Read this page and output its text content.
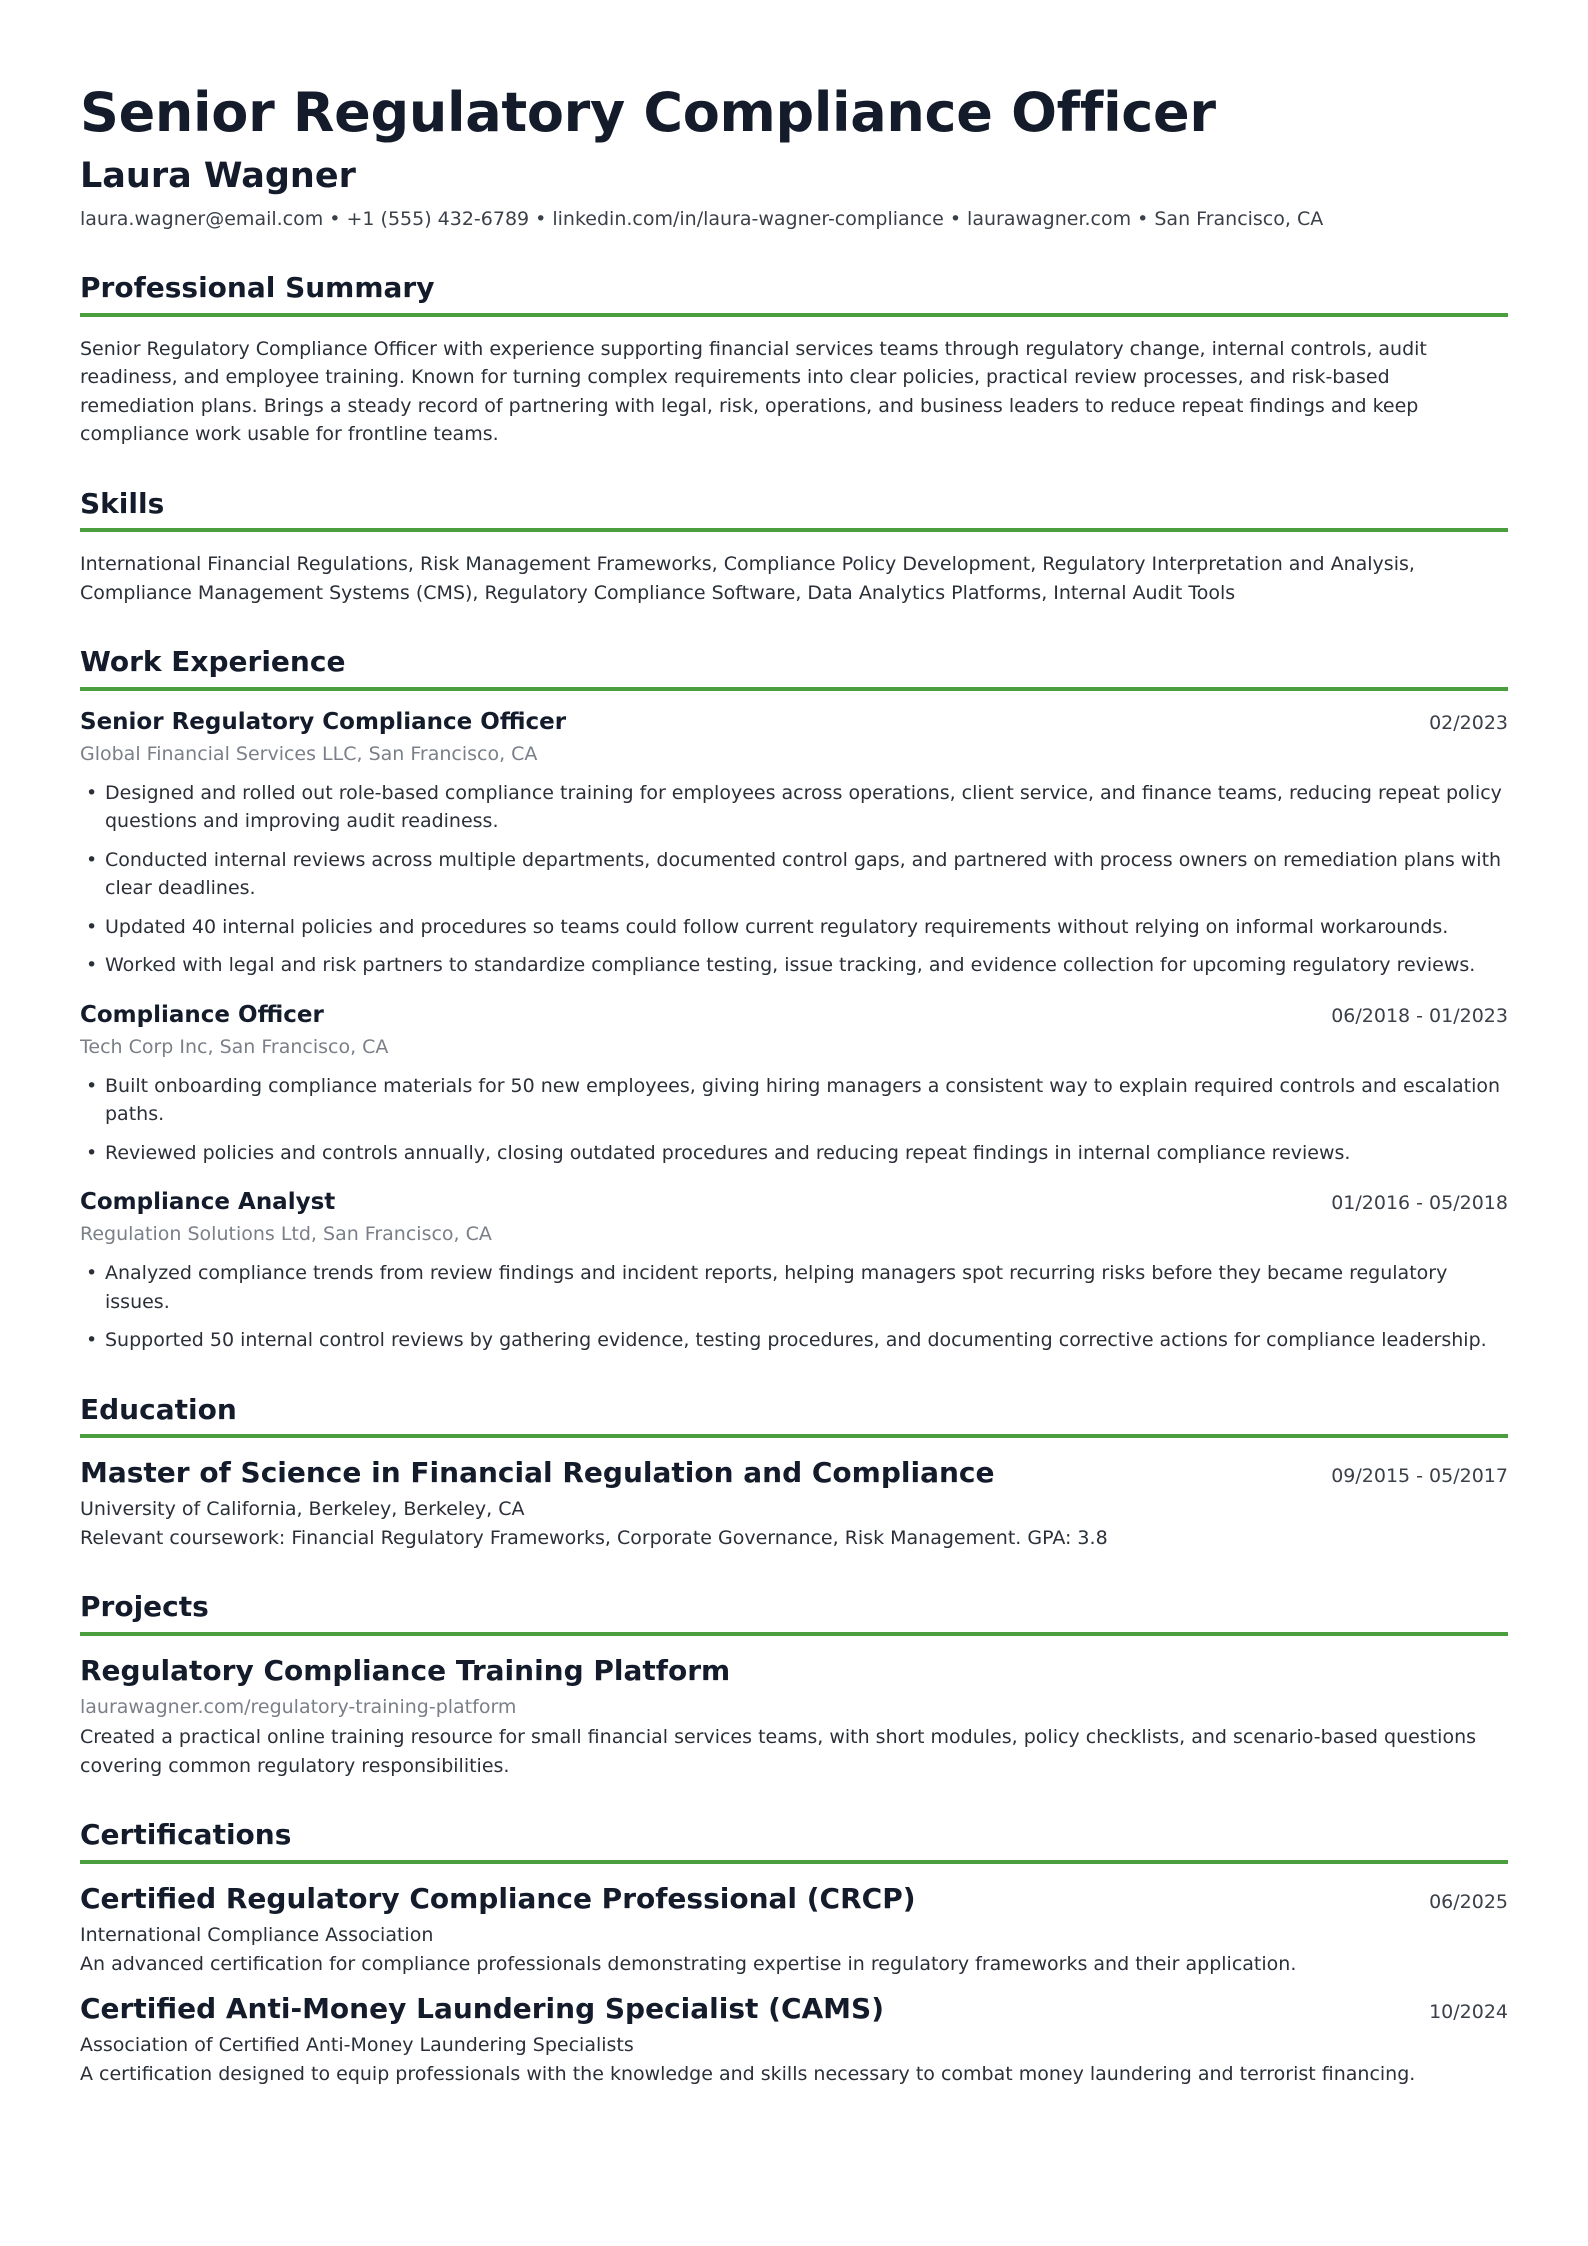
Senior Regulatory Compliance Officer
Laura Wagner
laura.wagner@email.com • +1 (555) 432-6789 • linkedin.com/in/laura-wagner-compliance • laurawagner.com • San Francisco, CA
Professional Summary

Senior Regulatory Compliance Officer with experience supporting financial services teams through regulatory change, internal controls, audit readiness, and employee training. Known for turning complex requirements into clear policies, practical review processes, and risk-based remediation plans. Brings a steady record of partnering with legal, risk, operations, and business leaders to reduce repeat findings and keep compliance work usable for frontline teams.

Skills

International Financial Regulations, Risk Management Frameworks, Compliance Policy Development, Regulatory Interpretation and Analysis, Compliance Management Systems (CMS), Regulatory Compliance Software, Data Analytics Platforms, Internal Audit Tools

Work Experience
Senior Regulatory Compliance Officer	02/2023
Global Financial Services LLC, San Francisco, CA
• Designed and rolled out role-based compliance training for employees across operations, client service, and finance teams, reducing repeat policy questions and improving audit readiness.
• Conducted internal reviews across multiple departments, documented control gaps, and partnered with process owners on remediation plans with clear deadlines.
• Updated 40 internal policies and procedures so teams could follow current regulatory requirements without relying on informal workarounds.
• Worked with legal and risk partners to standardize compliance testing, issue tracking, and evidence collection for upcoming regulatory reviews.
Compliance Officer	06/2018 - 01/2023
Tech Corp Inc, San Francisco, CA
• Built onboarding compliance materials for 50 new employees, giving hiring managers a consistent way to explain required controls and escalation paths.
• Reviewed policies and controls annually, closing outdated procedures and reducing repeat findings in internal compliance reviews.
Compliance Analyst	01/2016 - 05/2018
Regulation Solutions Ltd, San Francisco, CA
• Analyzed compliance trends from review findings and incident reports, helping managers spot recurring risks before they became regulatory issues.
• Supported 50 internal control reviews by gathering evidence, testing procedures, and documenting corrective actions for compliance leadership.
Education
Master of Science in Financial Regulation and Compliance	09/2015 - 05/2017
University of California, Berkeley, Berkeley, CA
Relevant coursework: Financial Regulatory Frameworks, Corporate Governance, Risk Management. GPA: 3.8
Projects
Regulatory Compliance Training Platform
laurawagner.com/regulatory-training-platform
Created a practical online training resource for small financial services teams, with short modules, policy checklists, and scenario-based questions covering common regulatory responsibilities.
Certifications
Certified Regulatory Compliance Professional (CRCP)	06/2025
International Compliance Association
An advanced certification for compliance professionals demonstrating expertise in regulatory frameworks and their application.
Certified Anti-Money Laundering Specialist (CAMS)	10/2024
Association of Certified Anti-Money Laundering Specialists
A certification designed to equip professionals with the knowledge and skills necessary to combat money laundering and terrorist financing.
